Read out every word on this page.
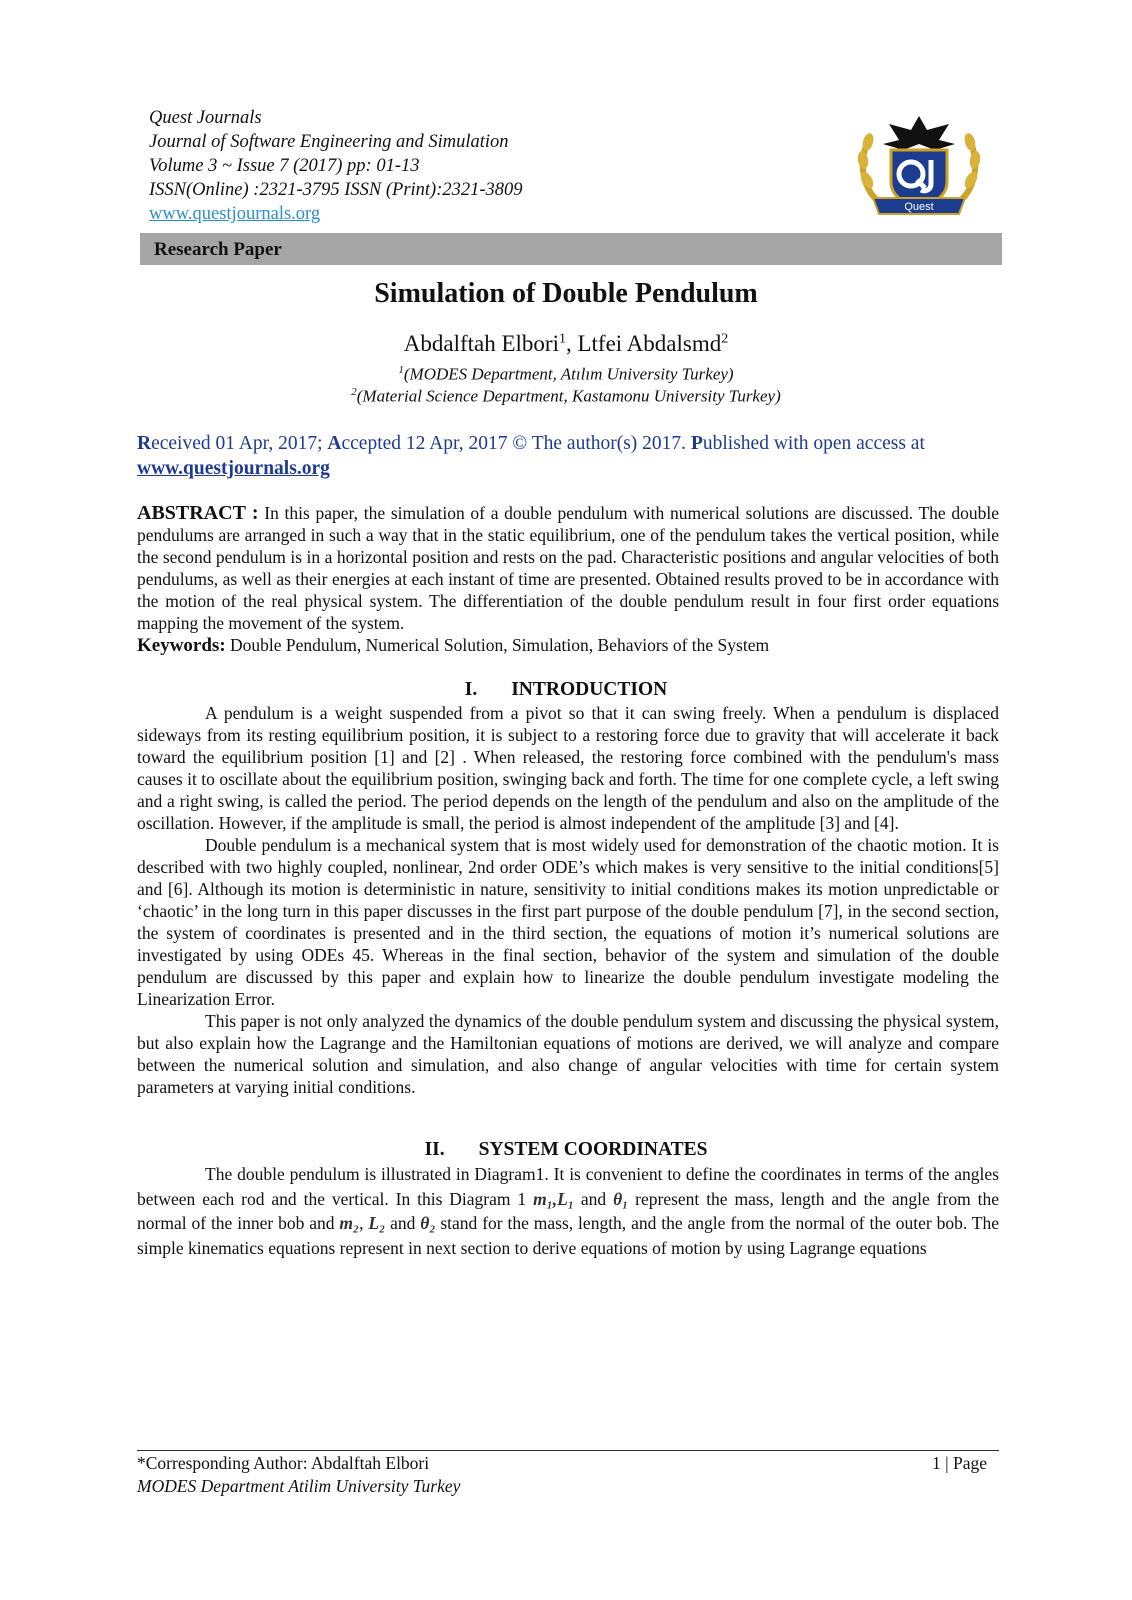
Quest Journals
Journal of Software Engineering and Simulation
Volume 3 ~ Issue 7 (2017) pp: 01-13
ISSN(Online) :2321-3795 ISSN (Print):2321-3809
www.questjournals.org	Quest
Research Paper
Simulation of Double Pendulum
Abdalftah Elbori$^1$, Ltfei Abdalsmd$^2$
$^1$(MODES Department, Atılım University Turkey)
$^2$(Material Science Department, Kastamonu University Turkey)
Received 01 Apr, 2017; Accepted 12 Apr, 2017 © The author(s) 2017. Published with open access at
www.questjournals.org

ABSTRACT : In this paper, the simulation of a double pendulum with numerical solutions are discussed. The double pendulums are arranged in such a way that in the static equilibrium, one of the pendulum takes the vertical position, while the second pendulum is in a horizontal position and rests on the pad. Characteristic positions and angular velocities of both pendulums, as well as their energies at each instant of time are presented. Obtained results proved to be in accordance with the motion of the real physical system. The differentiation of the double pendulum result in four first order equations mapping the movement of the system.

Keywords: Double Pendulum, Numerical Solution, Simulation, Behaviors of the System

I. INTRODUCTION

A pendulum is a weight suspended from a pivot so that it can swing freely. When a pendulum is displaced sideways from its resting equilibrium position, it is subject to a restoring force due to gravity that will accelerate it back toward the equilibrium position [1] and [2] . When released, the restoring force combined with the pendulum's mass causes it to oscillate about the equilibrium position, swinging back and forth. The time for one complete cycle, a left swing and a right swing, is called the period. The period depends on the length of the pendulum and also on the amplitude of the oscillation. However, if the amplitude is small, the period is almost independent of the amplitude [3] and [4].

Double pendulum is a mechanical system that is most widely used for demonstration of the chaotic motion. It is described with two highly coupled, nonlinear, 2nd order ODE’s which makes is very sensitive to the initial conditions[5] and [6]. Although its motion is deterministic in nature, sensitivity to initial conditions makes its motion unpredictable or ‘chaotic’ in the long turn in this paper discusses in the first part purpose of the double pendulum [7], in the second section, the system of coordinates is presented and in the third section, the equations of motion it’s numerical solutions are investigated by using ODEs 45. Whereas in the final section, behavior of the system and simulation of the double pendulum are discussed by this paper and explain how to linearize the double pendulum investigate modeling the Linearization Error.

This paper is not only analyzed the dynamics of the double pendulum system and discussing the physical system, but also explain how the Lagrange and the Hamiltonian equations of motions are derived, we will analyze and compare between the numerical solution and simulation, and also change of angular velocities with time for certain system parameters at varying initial conditions.

II. SYSTEM COORDINATES

The double pendulum is illustrated in Diagram1. It is convenient to define the coordinates in terms of the angles between each rod and the vertical. In this Diagram 1 m₁,L₁ and θ₁ represent the mass, length and the angle from the normal of the inner bob and m₂, L₂ and θ₂ stand for the mass, length, and the angle from the normal of the outer bob. The simple kinematics equations represent in next section to derive equations of motion by using Lagrange equations

*Corresponding Author: Abdalftah Elbori
MODES Department Atilim University Turkey
1 | Page
